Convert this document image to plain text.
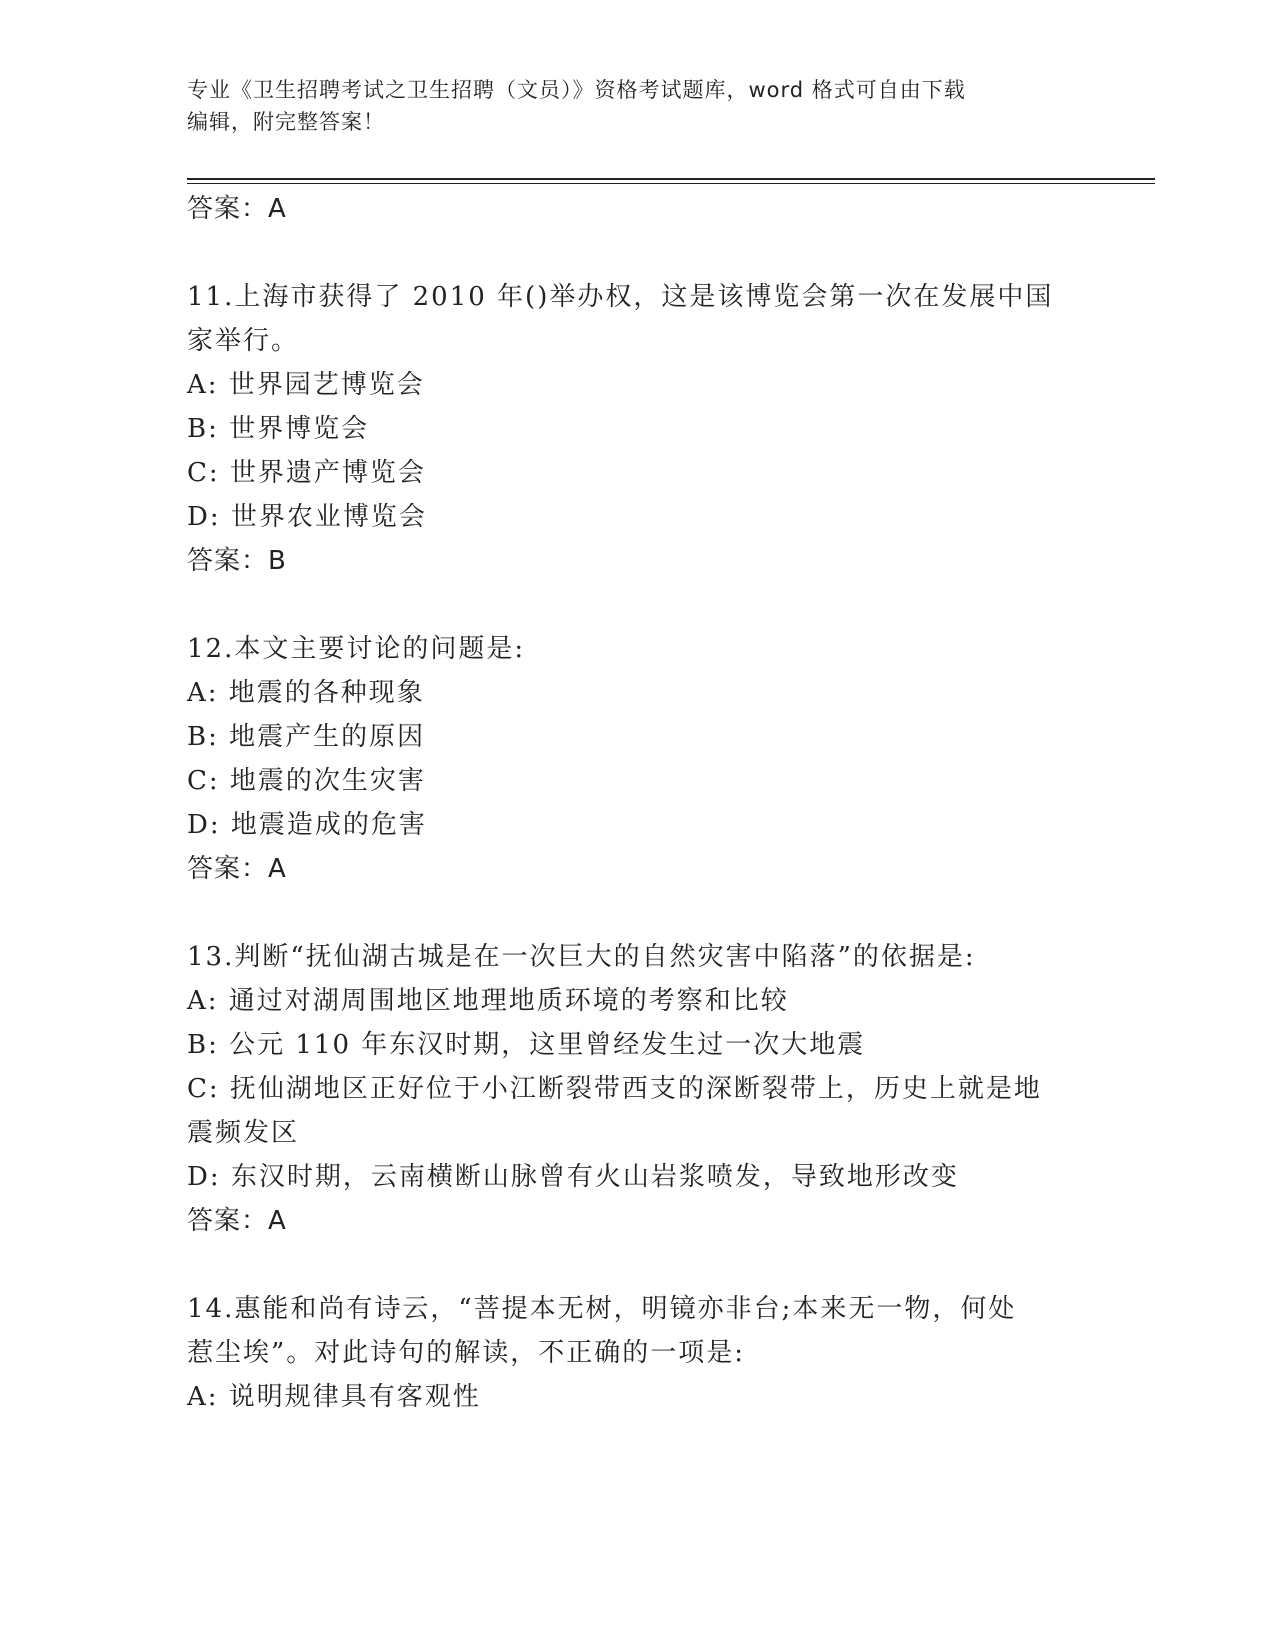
专业《卫生招聘考试之卫生招聘（文员）》资格考试题库，word 格式可自由下载
编辑，附完整答案！
答案：A
11.上海市获得了 2010 年()举办权，这是该博览会第一次在发展中国
家举行。
A: 世界园艺博览会
B: 世界博览会
C: 世界遗产博览会
D: 世界农业博览会
答案：B
12.本文主要讨论的问题是:
A: 地震的各种现象
B: 地震产生的原因
C: 地震的次生灾害
D: 地震造成的危害
答案：A
13.判断“抚仙湖古城是在一次巨大的自然灾害中陷落”的依据是:
A: 通过对湖周围地区地理地质环境的考察和比较
B: 公元 110 年东汉时期，这里曾经发生过一次大地震
C: 抚仙湖地区正好位于小江断裂带西支的深断裂带上，历史上就是地
震频发区
D: 东汉时期，云南横断山脉曾有火山岩浆喷发，导致地形改变
答案：A
14.惠能和尚有诗云，“菩提本无树，明镜亦非台;本来无一物，何处
惹尘埃”。对此诗句的解读，不正确的一项是:
A: 说明规律具有客观性
